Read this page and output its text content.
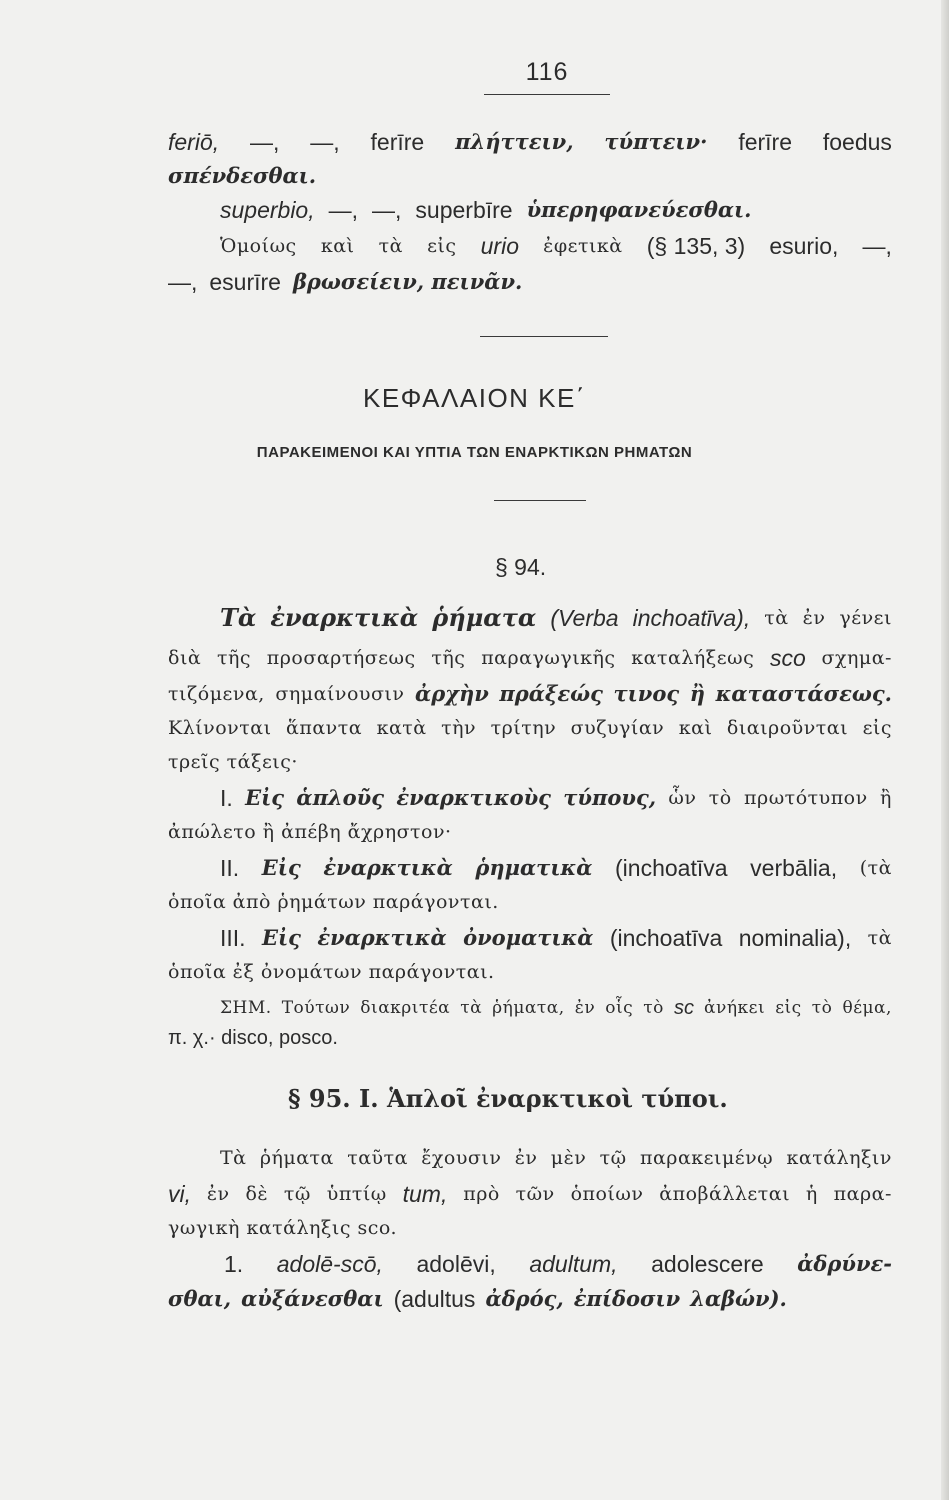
116
feriō, —, —, ferīre πλήττειν, τύπτειν· ferīre foedus
σπένδεσθαι.
superbio, —, —, superbīre ὑπερηφανεύεσθαι.
Ὁμοίως καὶ τὰ εἰς urio ἐφετικὰ (§ 135, 3) esurio, —,
—, esurīre βρωσείειν, πεινᾶν.
ΚΕΦΑΛΑΙΟΝ ΚΕ΄
ΠΑΡΑΚΕΙΜΕΝΟΙ ΚΑΙ ΥΠΤΙΑ ΤΩΝ ΕΝΑΡΚΤΙΚΩΝ ΡΗΜΑΤΩΝ
§ 94.
Τὰ ἐναρκτικὰ ῥήματα (Verba inchoatīva), τὰ ἐν γένει
διὰ τῆς προσαρτήσεως τῆς παραγωγικῆς καταλήξεως sco σχημα-
τιζόμενα, σημαίνουσιν ἀρχὴν πράξεώς τινος ἢ καταστάσεως.
Κλίνονται ἅπαντα κατὰ τὴν τρίτην συζυγίαν καὶ διαιροῦνται εἰς
τρεῖς τάξεις·
I. Εἰς ἁπλοῦς ἐναρκτικοὺς τύπους, ὧν τὸ πρωτότυπον ἢ
ἀπώλετο ἢ ἀπέβη ἄχρηστον·
II. Εἰς ἐναρκτικὰ ῥηματικὰ (inchoatīva verbālia, (τὰ
ὁποῖα ἀπὸ ῥημάτων παράγονται.
III. Εἰς ἐναρκτικὰ ὀνοματικὰ (inchoatīva nominalia), τὰ
ὁποῖα ἐξ ὀνομάτων παράγονται.
ΣΗΜ. Τούτων διακριτέα τὰ ῥήματα, ἐν οἷς τὸ sc ἀνήκει εἰς τὸ θέμα,
π. χ.· disco, posco.
§ 95. I. Ἁπλοῖ ἐναρκτικοὶ τύποι.
Τὰ ῥήματα ταῦτα ἔχουσιν ἐν μὲν τῷ παρακειμένῳ κατάληξιν
vi, ἐν δὲ τῷ ὑπτίῳ tum, πρὸ τῶν ὁποίων ἀποβάλλεται ἡ παρα-
γωγικὴ κατάληξις sco.
1. adolē-scō, adolēvi, adultum, adolescere ἀδρύνε-
σθαι, αὐξάνεσθαι (adultus ἀδρός, ἐπίδοσιν λαβών).
